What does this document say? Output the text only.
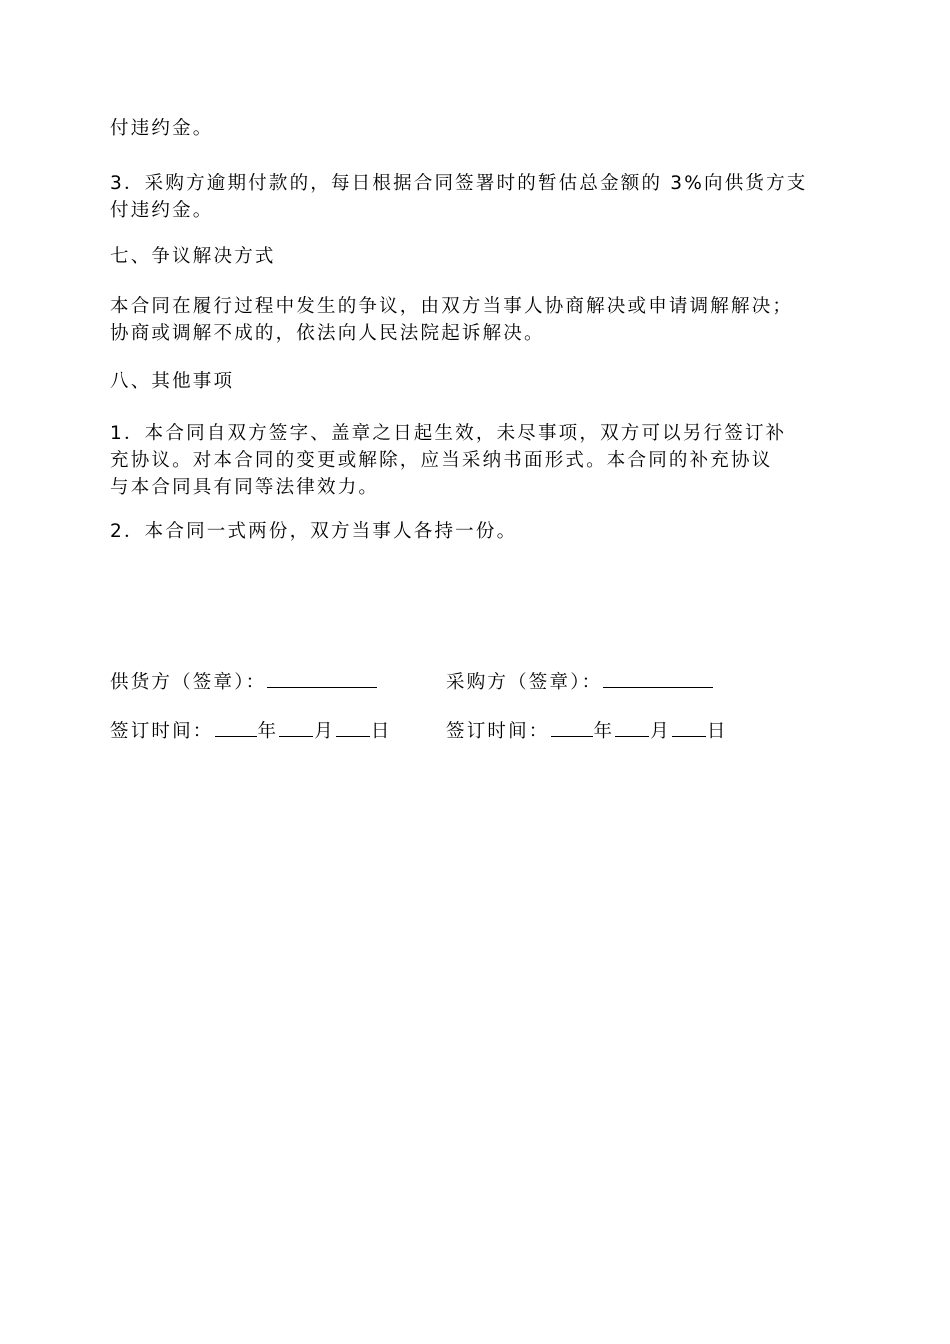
付违约金。
3．采购方逾期付款的，每日根据合同签署时的暂估总金额的 3%向供货方支
付违约金。
七、争议解决方式
本合同在履行过程中发生的争议，由双方当事人协商解决或申请调解解决；
协商或调解不成的，依法向人民法院起诉解决。
八、其他事项
1．本合同自双方签字、盖章之日起生效，未尽事项，双方可以另行签订补
充协议。对本合同的变更或解除，应当采纳书面形式。本合同的补充协议
与本合同具有同等法律效力。
2．本合同一式两份，双方当事人各持一份。
供货方（签章）：	采购方（签章）：
签订时间： 年 月 日	签订时间： 年 月 日
